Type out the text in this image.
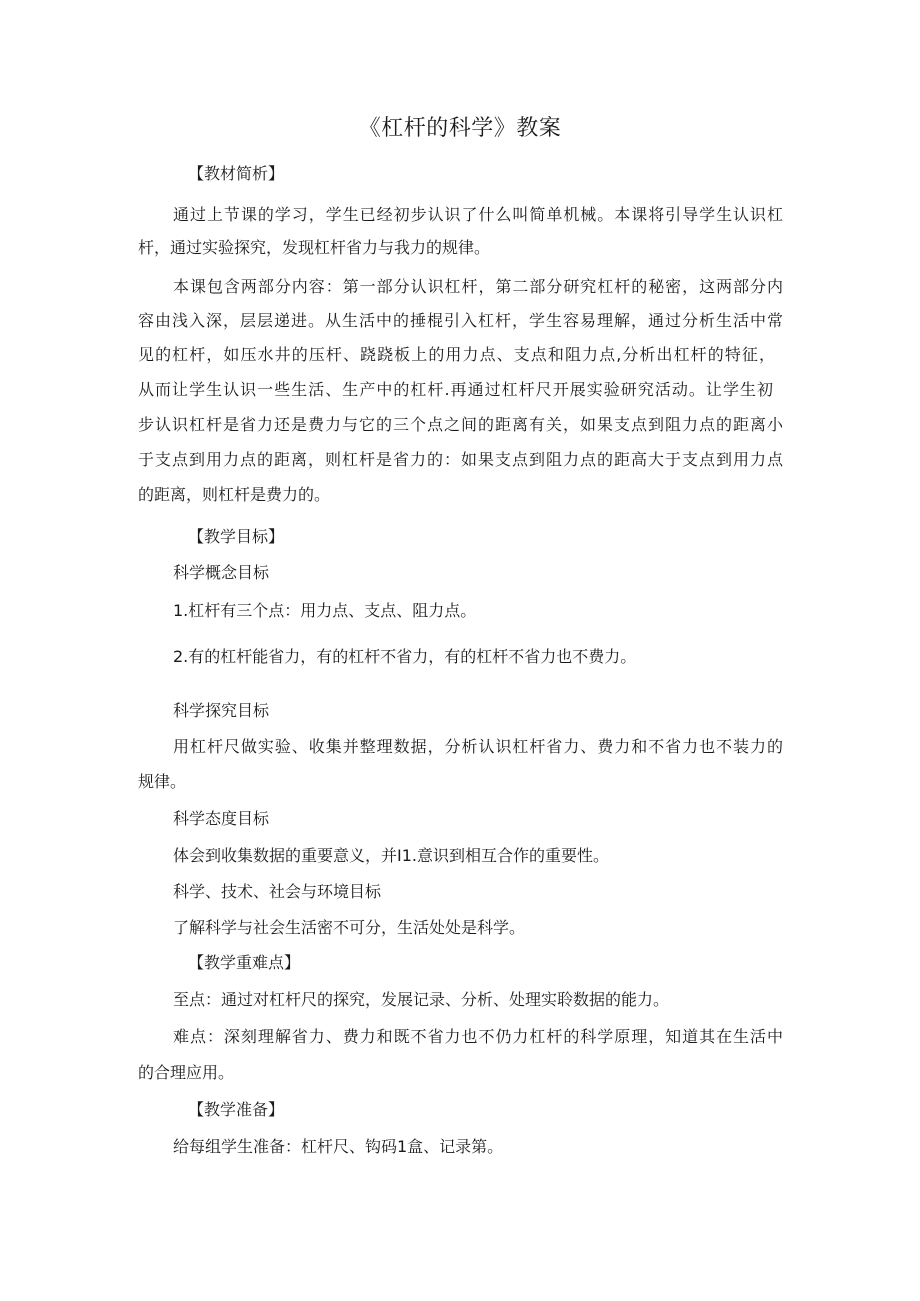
《杠杆的科学》教案
【教材简析】
通过上节课的学习，学生已经初步认识了什么叫简单机械。本课将引导学生认识杠
杆，通过实验探究，发现杠杆省力与我力的规律。
本课包含两部分内容：第一部分认识杠杆，第二部分研究杠杆的秘密，这两部分内
容由浅入深，层层递进。从生活中的捶棍引入杠杆，学生容易理解，通过分析生活中常
见的杠杆，如压水井的压杆、跷跷板上的用力点、支点和阻力点,分析出杠杆的特征，
从而让学生认识一些生活、生产中的杠杆.再通过杠杆尺开展实验研究活动。让学生初
步认识杠杆是省力还是费力与它的三个点之间的距离有关，如果支点到阻力点的距离小
于支点到用力点的距离，则杠杆是省力的：如果支点到阻力点的距高大于支点到用力点
的距离，则杠杆是费力的。
【教学目标】
科学概念目标
1.杠杆有三个点：用力点、支点、阻力点。
2.有的杠杆能省力，有的杠杆不省力，有的杠杆不省力也不费力。
科学探究目标
用杠杆尺做实验、收集并整理数据，分析认识杠杆省力、费力和不省力也不装力的
规律。
科学态度目标
体会到收集数据的重要意义，并I1.意识到相互合作的重要性。
科学、技术、社会与环境目标
了解科学与社会生活密不可分，生活处处是科学。
【教学重难点】
至点：通过对杠杆尺的探究，发展记录、分析、处理实聆数据的能力。
难点：深刻理解省力、费力和既不省力也不仍力杠杆的科学原理，知道其在生活中
的合理应用。
【教学准备】
给每组学生准备：杠杆尺、钩码1盒、记录第。
